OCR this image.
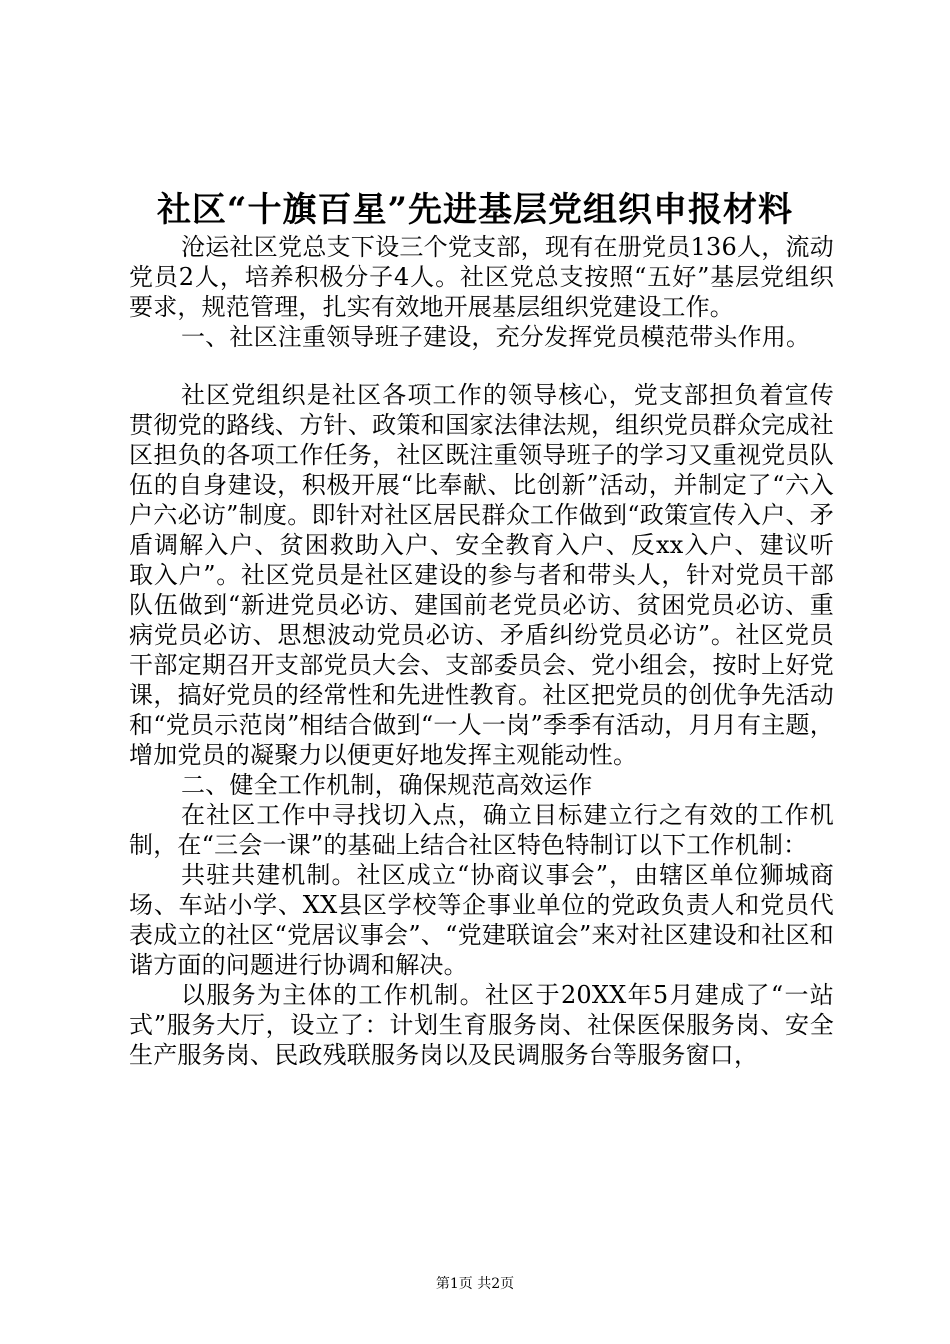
社区“十旗百星”先进基层党组织申报材料

沧运社区党总支下设三个党支部，现有在册党员136人，流动党员2人，培养积极分子4人。社区党总支按照“五好”基层党组织要求，规范管理，扎实有效地开展基层组织党建设工作。

一、社区注重领导班子建设，充分发挥党员模范带头作用。

社区党组织是社区各项工作的领导核心，党支部担负着宣传贯彻党的路线、方针、政策和国家法律法规，组织党员群众完成社区担负的各项工作任务，社区既注重领导班子的学习又重视党员队伍的自身建设，积极开展“比奉献、比创新”活动，并制定了“六入户六必访”制度。即针对社区居民群众工作做到“政策宣传入户、矛盾调解入户、贫困救助入户、安全教育入户、反xx入户、建议听取入户”。社区党员是社区建设的参与者和带头人，针对党员干部队伍做到“新进党员必访、建国前老党员必访、贫困党员必访、重病党员必访、思想波动党员必访、矛盾纠纷党员必访”。社区党员干部定期召开支部党员大会、支部委员会、党小组会，按时上好党课，搞好党员的经常性和先进性教育。社区把党员的创优争先活动和“党员示范岗”相结合做到“一人一岗”季季有活动，月月有主题，增加党员的凝聚力以便更好地发挥主观能动性。

二、健全工作机制，确保规范高效运作

在社区工作中寻找切入点，确立目标建立行之有效的工作机制，在“三会一课”的基础上结合社区特色特制订以下工作机制：

共驻共建机制。社区成立“协商议事会”，由辖区单位狮城商场、车站小学、XX县区学校等企事业单位的党政负责人和党员代表成立的社区“党居议事会”、“党建联谊会”来对社区建设和社区和谐方面的问题进行协调和解决。

以服务为主体的工作机制。社区于20XX年5月建成了“一站式”服务大厅，设立了：计划生育服务岗、社保医保服务岗、安全生产服务岗、民政残联服务岗以及民调服务台等服务窗口，

第1页 共2页
